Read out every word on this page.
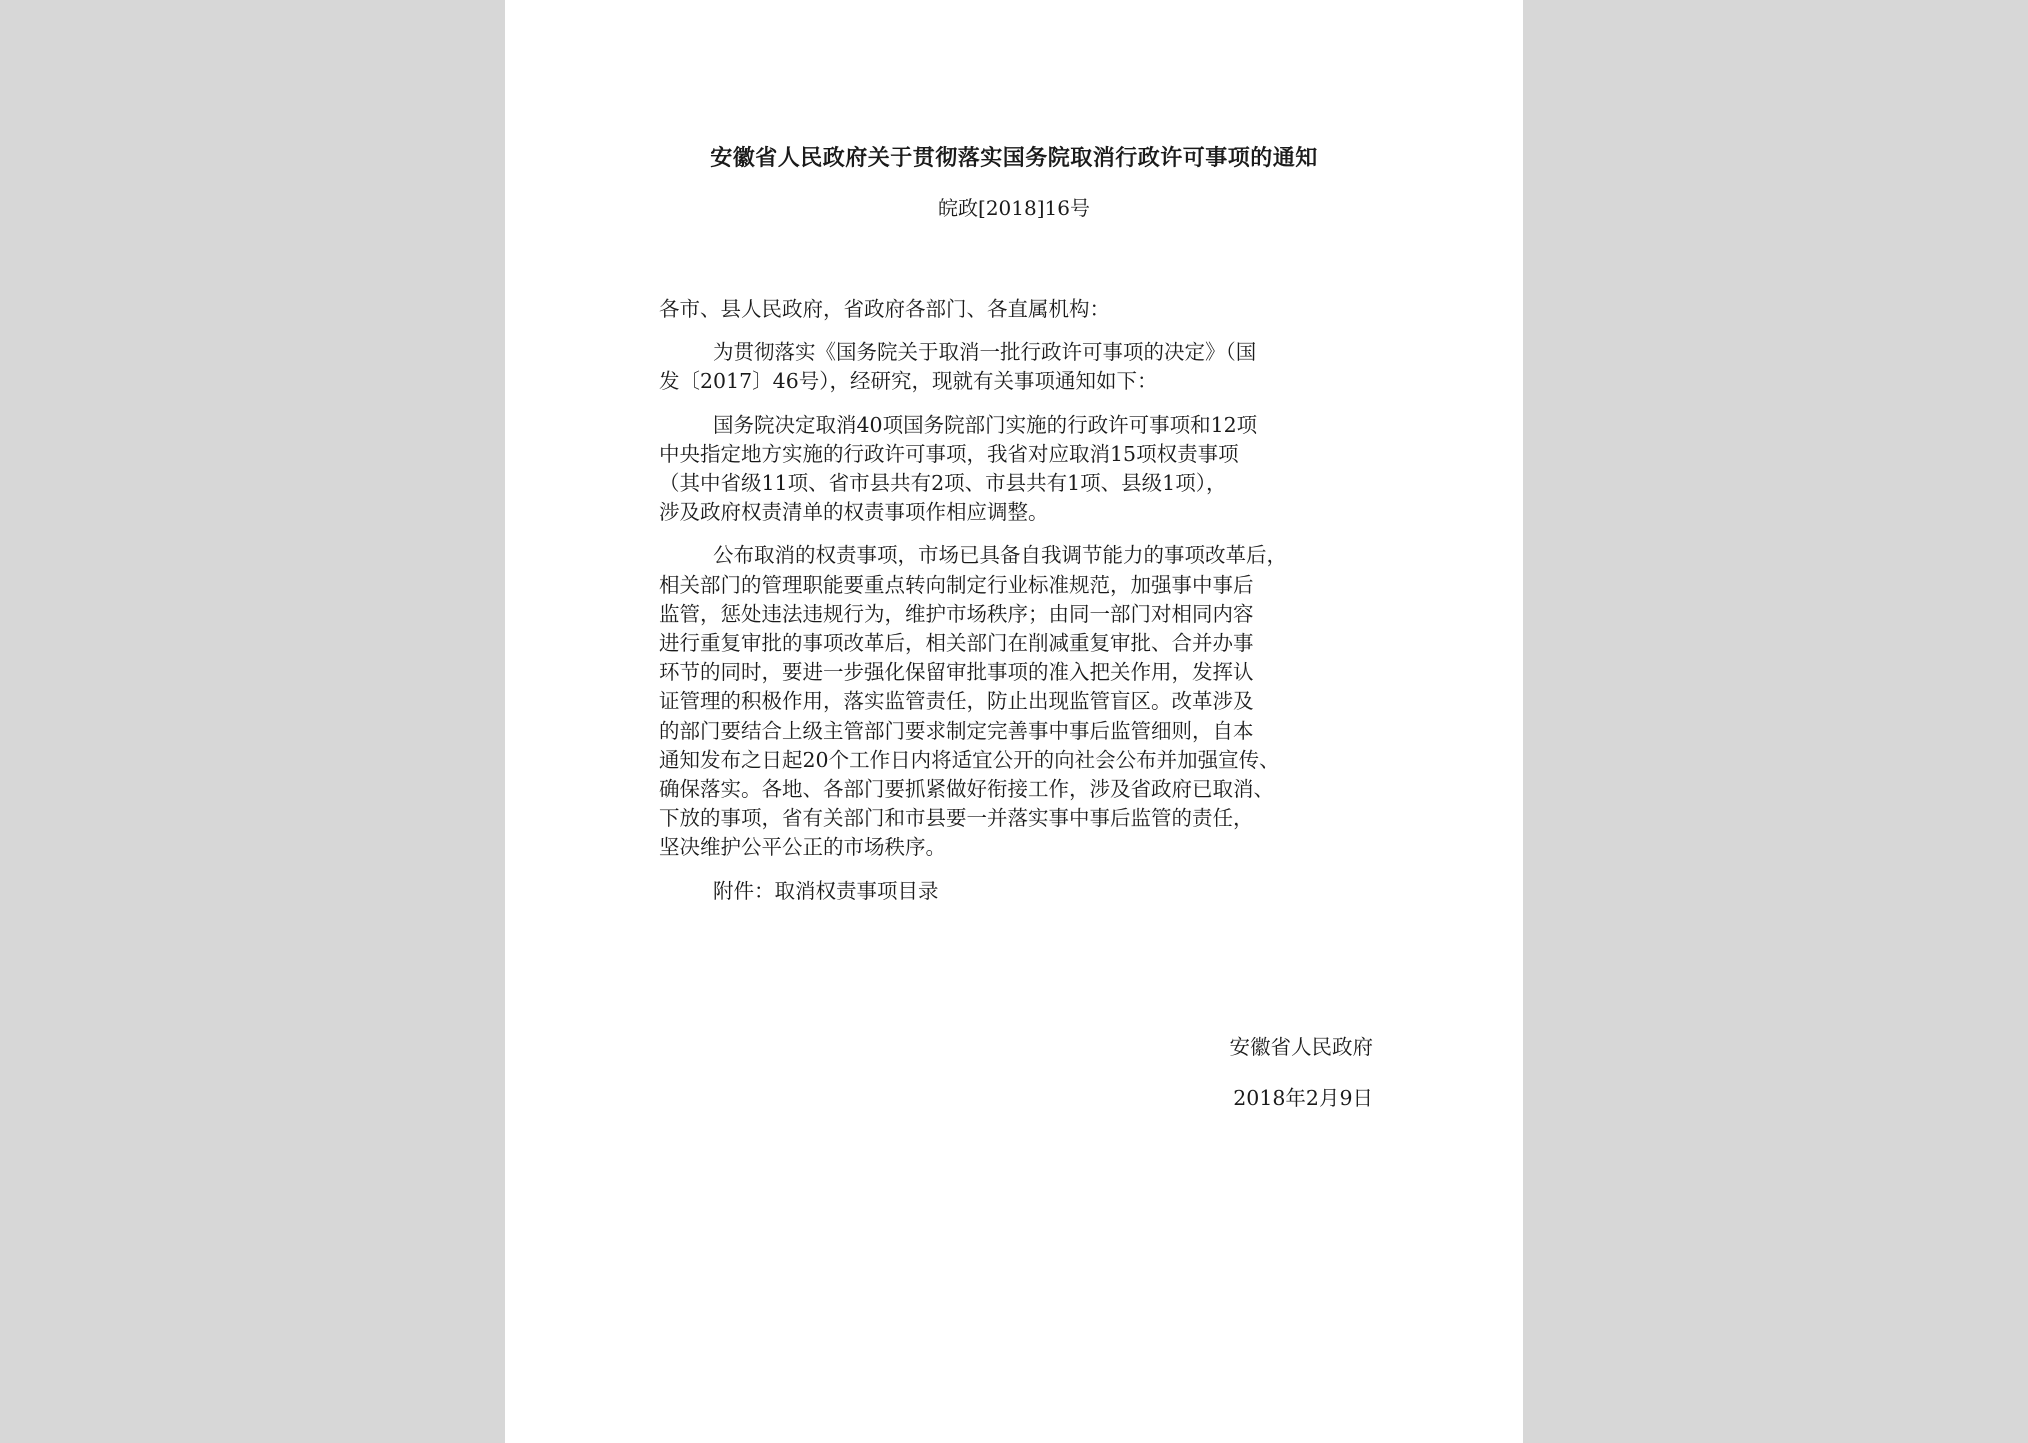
安徽省人民政府关于贯彻落实国务院取消行政许可事项的通知
皖政[2018]16号
各市、县人民政府，省政府各部门、各直属机构：
为贯彻落实《国务院关于取消一批行政许可事项的决定》（国
发〔2017〕46号），经研究，现就有关事项通知如下：
国务院决定取消40项国务院部门实施的行政许可事项和12项
中央指定地方实施的行政许可事项，我省对应取消15项权责事项
（其中省级11项、省市县共有2项、市县共有1项、县级1项），
涉及政府权责清单的权责事项作相应调整。
公布取消的权责事项，市场已具备自我调节能力的事项改革后，
相关部门的管理职能要重点转向制定行业标准规范，加强事中事后
监管，惩处违法违规行为，维护市场秩序；由同一部门对相同内容
进行重复审批的事项改革后，相关部门在削减重复审批、合并办事
环节的同时，要进一步强化保留审批事项的准入把关作用，发挥认
证管理的积极作用，落实监管责任，防止出现监管盲区。改革涉及
的部门要结合上级主管部门要求制定完善事中事后监管细则，自本
通知发布之日起20个工作日内将适宜公开的向社会公布并加强宣传、
确保落实。各地、各部门要抓紧做好衔接工作，涉及省政府已取消、
下放的事项，省有关部门和市县要一并落实事中事后监管的责任，
坚决维护公平公正的市场秩序。
附件：取消权责事项目录
安徽省人民政府
2018年2月9日
